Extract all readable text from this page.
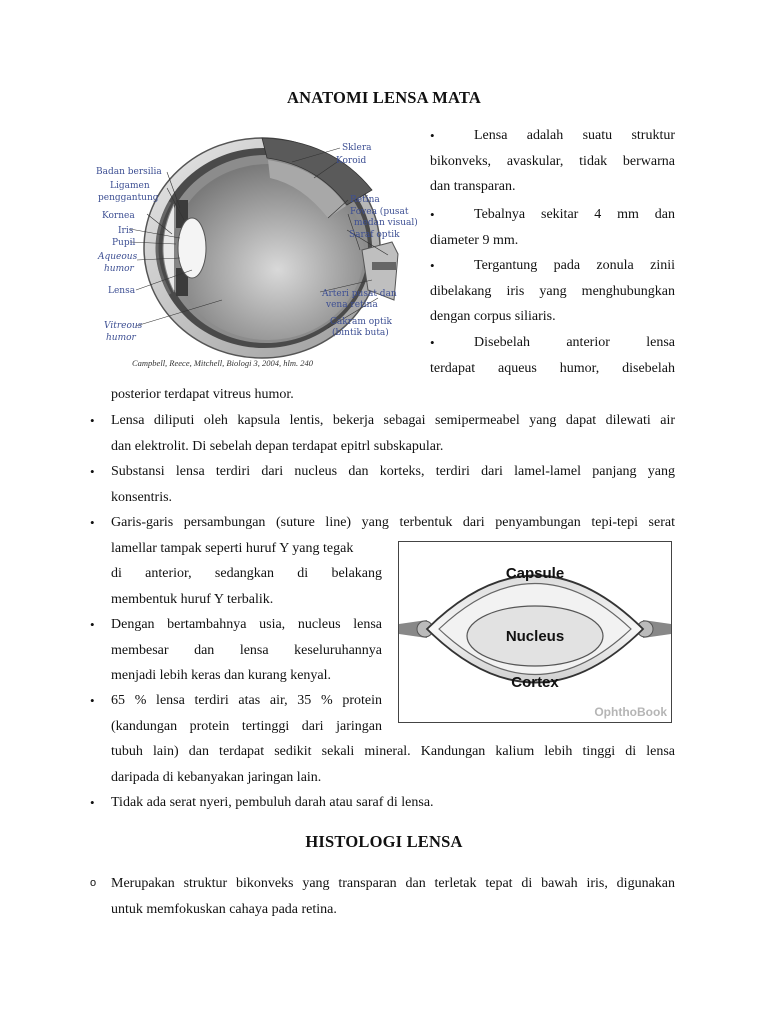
ANATOMI LENSA MATA
Badan bersilia
Ligamen
penggantung
Kornea
Iris
Pupil
Aqueous
humor
Lensa
Vitreous
humor
Sklera
Koroid
Retina
Fovea (pusat
medan visual)
Saraf optik
Arteri pusat dan
vena retina
Cakram optik
(bintik buta)
Campbell, Reece, Mitchell, Biologi 3, 2004, hlm. 240
•	Lensa adalah suatu struktur
bikonveks, avaskular, tidak berwarna
dan transparan.
•	Tebalnya sekitar 4 mm dan
diameter 9 mm.
•	Tergantung pada zonula zinii
dibelakang iris yang menghubungkan
dengan corpus siliaris.
•	Disebelah anterior lensa
terdapat aqueus humor, disebelah
posterior terdapat vitreus humor.
• Lensa diliputi oleh kapsula lentis, bekerja sebagai semipermeabel yang dapat dilewati air
dan elektrolit. Di sebelah depan terdapat epitrl subskapular.
• Substansi lensa terdiri dari nucleus dan korteks, terdiri dari lamel-lamel panjang yang
konsentris.
• Garis-garis persambungan (suture line) yang terbentuk dari penyambungan tepi-tepi serat
lamellar tampak seperti huruf Y yang tegak
di anterior, sedangkan di belakang
membentuk huruf Y terbalik.
• Dengan bertambahnya usia, nucleus lensa
membesar dan lensa keseluruhannya
menjadi lebih keras dan kurang kenyal.
• 65 % lensa terdiri atas air, 35 % protein
(kandungan protein tertinggi dari jaringan
tubuh lain) dan terdapat sedikit sekali mineral. Kandungan kalium lebih tinggi di lensa
daripada di kebanyakan jaringan lain.
• Tidak ada serat nyeri, pembuluh darah atau saraf di lensa.
Capsule
Nucleus
Cortex
OphthoBook
HISTOLOGI LENSA
o Merupakan struktur bikonveks yang transparan dan terletak tepat di bawah iris, digunakan
untuk memfokuskan cahaya pada retina.
